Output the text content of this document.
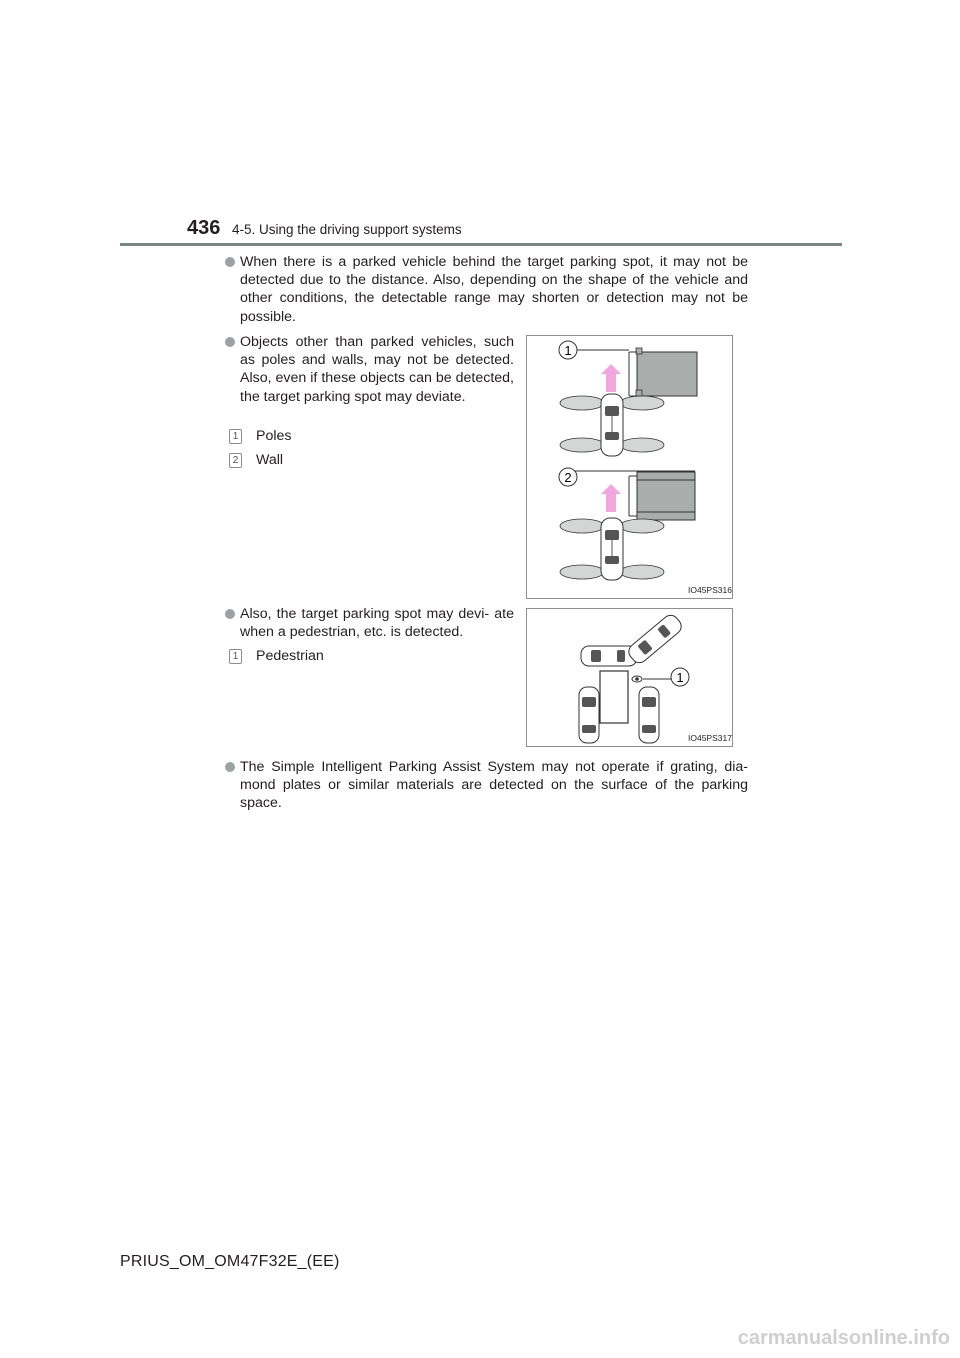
436 4-5. Using the driving support systems
When there is a parked vehicle behind the target parking spot, it may not be detected due to the distance. Also, depending on the shape of the vehicle and other conditions, the detectable range may shorten or detection may not be possible.
Objects other than parked vehicles, such as poles and walls, may not be detected. Also, even if these objects can be detected, the target parking spot may deviate.
1 Poles
2 Wall
1
2
IO45PS316
Also, the target parking spot may devi- ate when a pedestrian, etc. is detected.
1 Pedestrian
1
IO45PS317
The Simple Intelligent Parking Assist System may not operate if grating, dia- mond plates or similar materials are detected on the surface of the parking space.
PRIUS_OM_OM47F32E_(EE)
carmanualsonline.info
